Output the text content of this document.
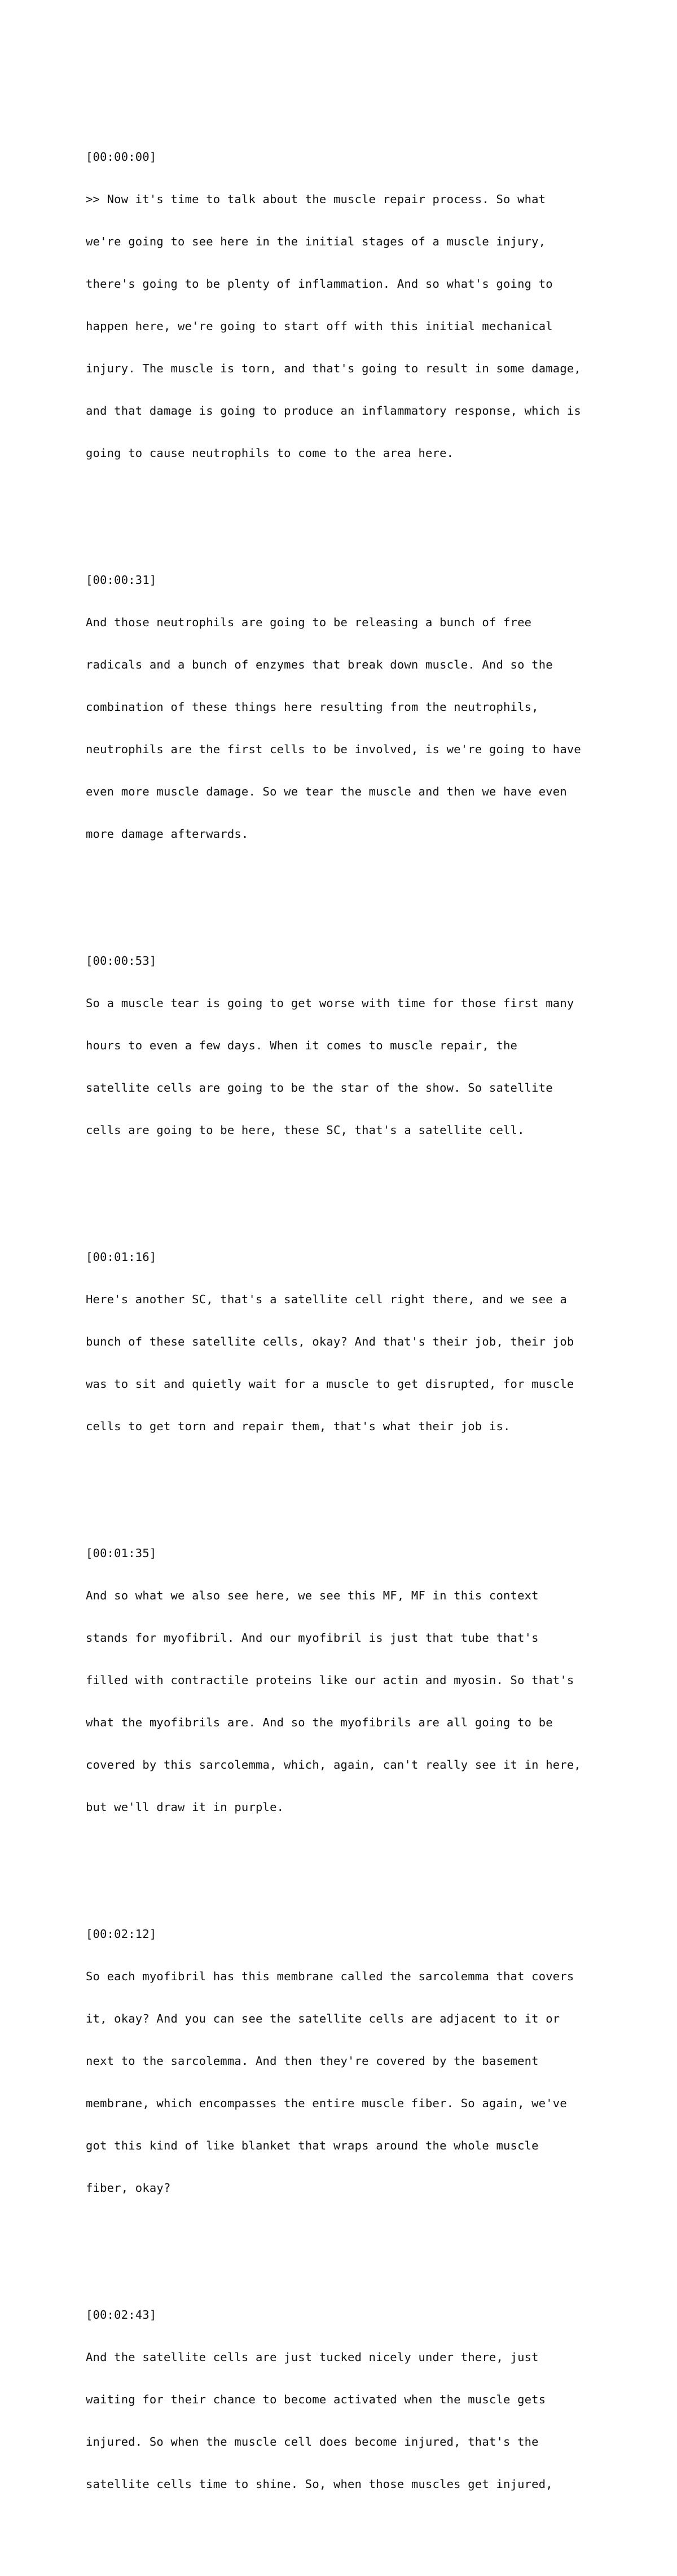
[00:00:00]

>> Now it's time to talk about the muscle repair process. So what

we're going to see here in the initial stages of a muscle injury,

there's going to be plenty of inflammation. And so what's going to

happen here, we're going to start off with this initial mechanical

injury. The muscle is torn, and that's going to result in some damage,

and that damage is going to produce an inflammatory response, which is

going to cause neutrophils to come to the area here.

[00:00:31]

And those neutrophils are going to be releasing a bunch of free

radicals and a bunch of enzymes that break down muscle. And so the

combination of these things here resulting from the neutrophils,

neutrophils are the first cells to be involved, is we're going to have

even more muscle damage. So we tear the muscle and then we have even

more damage afterwards.

[00:00:53]

So a muscle tear is going to get worse with time for those first many

hours to even a few days. When it comes to muscle repair, the

satellite cells are going to be the star of the show. So satellite

cells are going to be here, these SC, that's a satellite cell.

[00:01:16]

Here's another SC, that's a satellite cell right there, and we see a

bunch of these satellite cells, okay? And that's their job, their job

was to sit and quietly wait for a muscle to get disrupted, for muscle

cells to get torn and repair them, that's what their job is.

[00:01:35]

And so what we also see here, we see this MF, MF in this context

stands for myofibril. And our myofibril is just that tube that's

filled with contractile proteins like our actin and myosin. So that's

what the myofibrils are. And so the myofibrils are all going to be

covered by this sarcolemma, which, again, can't really see it in here,

but we'll draw it in purple.

[00:02:12]

So each myofibril has this membrane called the sarcolemma that covers

it, okay? And you can see the satellite cells are adjacent to it or

next to the sarcolemma. And then they're covered by the basement

membrane, which encompasses the entire muscle fiber. So again, we've

got this kind of like blanket that wraps around the whole muscle

fiber, okay?

[00:02:43]

And the satellite cells are just tucked nicely under there, just

waiting for their chance to become activated when the muscle gets

injured. So when the muscle cell does become injured, that's the

satellite cells time to shine. So, when those muscles get injured,
